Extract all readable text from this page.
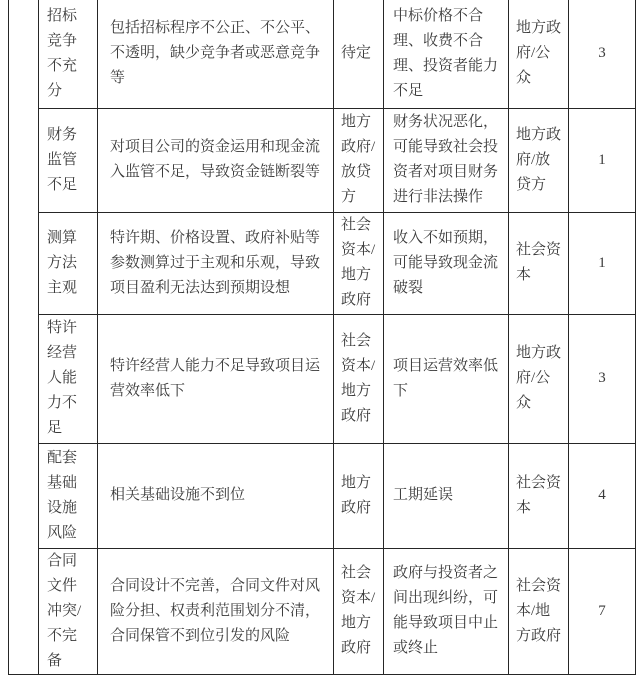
	招标竞争不充分	包括招标程序不公正、不公平、不透明，缺少竞争者或恶意竞争等	待定	中标价格不合理、收费不合理、投资者能力不足	地方政府/公众	3
	财务监管不足	对项目公司的资金运用和现金流入监管不足，导致资金链断裂等	地方政府/放贷方	财务状况恶化，可能导致社会投资者对项目财务进行非法操作	地方政府/放贷方	1
	测算方法主观	特许期、价格设置、政府补贴等参数测算过于主观和乐观，导致项目盈利无法达到预期设想	社会资本/地方政府	收入不如预期，可能导致现金流破裂	社会资本	1
	特许经营人能力不足	特许经营人能力不足导致项目运营效率低下	社会资本/地方政府	项目运营效率低下	地方政府/公众	3
	配套基础设施风险	相关基础设施不到位	地方政府	工期延误	社会资本	4
	合同文件冲突/不完备	合同设计不完善，合同文件对风险分担、权责利范围划分不清，合同保管不到位引发的风险	社会资本/地方政府	政府与投资者之间出现纠纷，可能导致项目中止或终止	社会资本/地方政府	7
